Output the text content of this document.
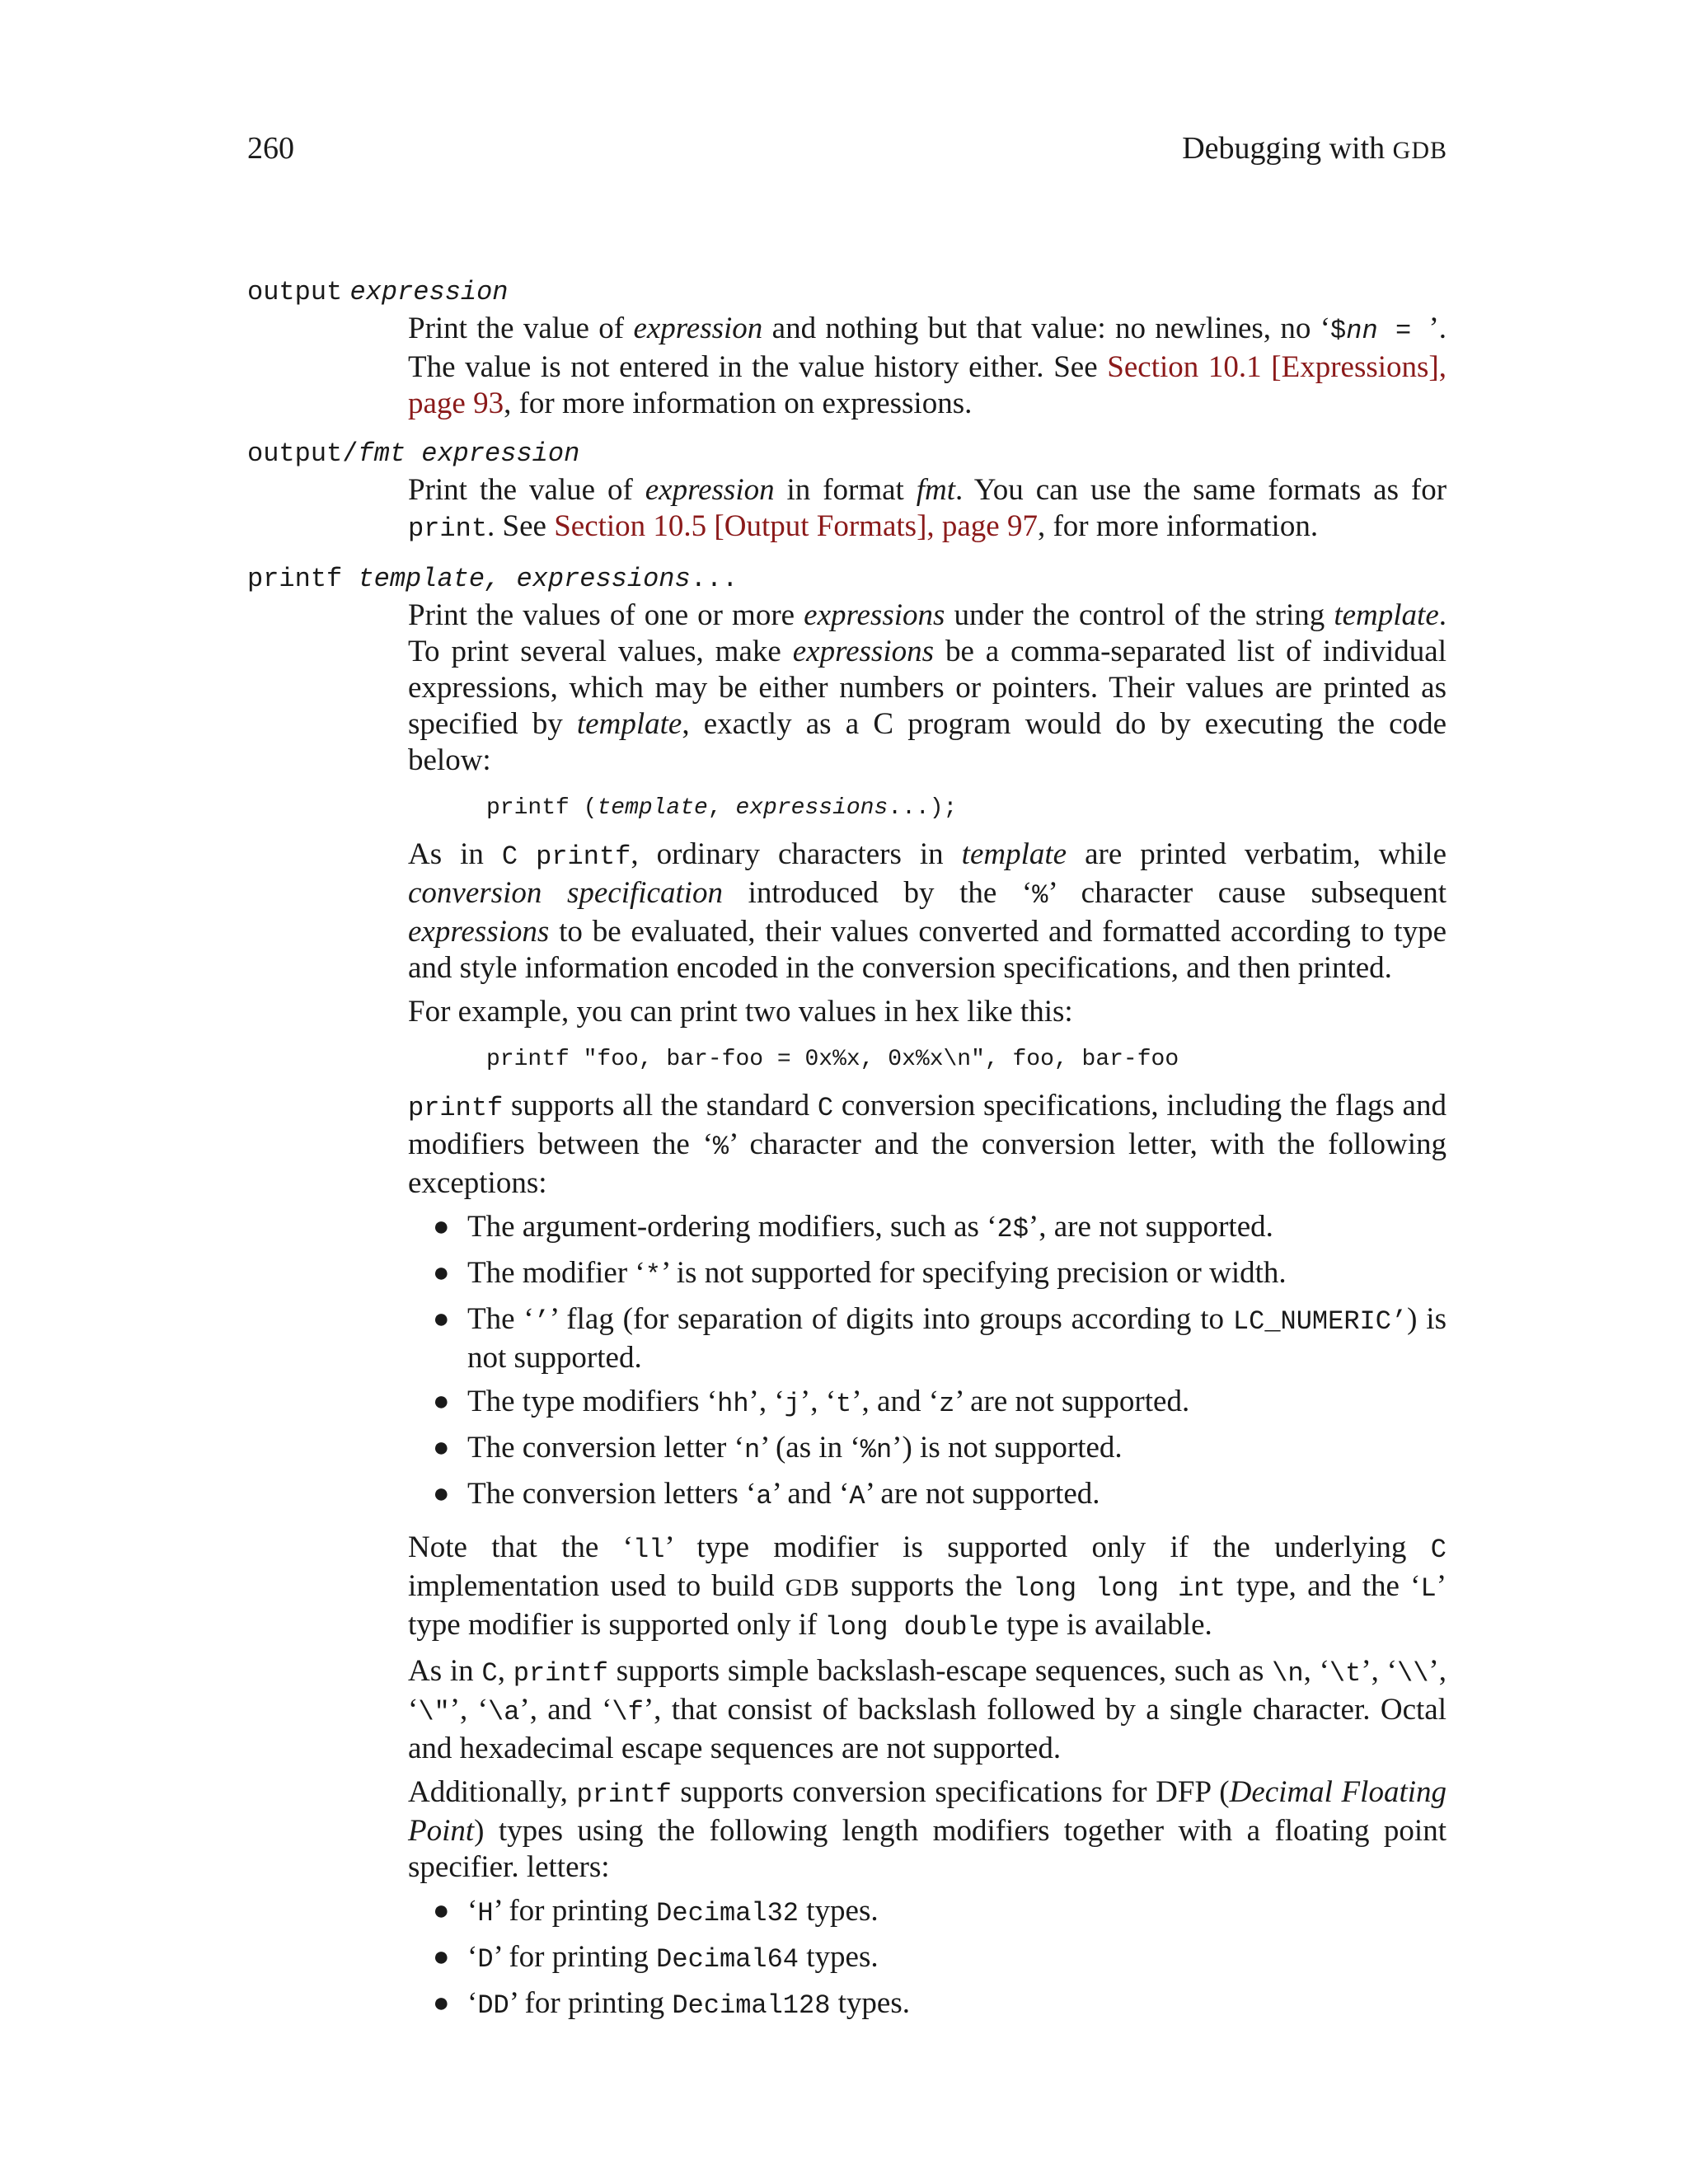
260	Debugging with GDB
output expression

Print the value of expression and nothing but that value: no newlines, no ‘$nn = ’. The value is not entered in the value history either. See Section 10.1 [Expressions], page 93, for more information on expressions.

output/fmt expression

Print the value of expression in format fmt. You can use the same formats as for print. See Section 10.5 [Output Formats], page 97, for more information.

printf template, expressions...

Print the values of one or more expressions under the control of the string template. To print several values, make expressions be a comma-separated list of individual expressions, which may be either numbers or pointers. Their values are printed as specified by template, exactly as a C program would do by executing the code below:

printf (template, expressions...);

As in C printf, ordinary characters in template are printed verbatim, while conversion specification introduced by the ‘%’ character cause subsequent expressions to be evaluated, their values converted and formatted according to type and style information encoded in the conversion specifications, and then printed.

For example, you can print two values in hex like this:

printf "foo, bar-foo = 0x%x, 0x%x\n", foo, bar-foo

printf supports all the standard C conversion specifications, including the flags and modifiers between the ‘%’ character and the conversion letter, with the following exceptions:

● The argument-ordering modifiers, such as ‘2$’, are not supported.
● The modifier ‘*’ is not supported for specifying precision or width.
● The ‘’’ flag (for separation of digits into groups according to LC_NUMERIC’) is not supported.
● The type modifiers ‘hh’, ‘j’, ‘t’, and ‘z’ are not supported.
● The conversion letter ‘n’ (as in ‘%n’) is not supported.
● The conversion letters ‘a’ and ‘A’ are not supported.

Note that the ‘ll’ type modifier is supported only if the underlying C implementation used to build GDB supports the long long int type, and the ‘L’ type modifier is supported only if long double type is available.

As in C, printf supports simple backslash-escape sequences, such as \n, ‘\t’, ‘\\’, ‘\"’, ‘\a’, and ‘\f’, that consist of backslash followed by a single character. Octal and hexadecimal escape sequences are not supported.

Additionally, printf supports conversion specifications for DFP (Decimal Floating Point) types using the following length modifiers together with a floating point specifier. letters:

● ‘H’ for printing Decimal32 types.
● ‘D’ for printing Decimal64 types.
● ‘DD’ for printing Decimal128 types.
